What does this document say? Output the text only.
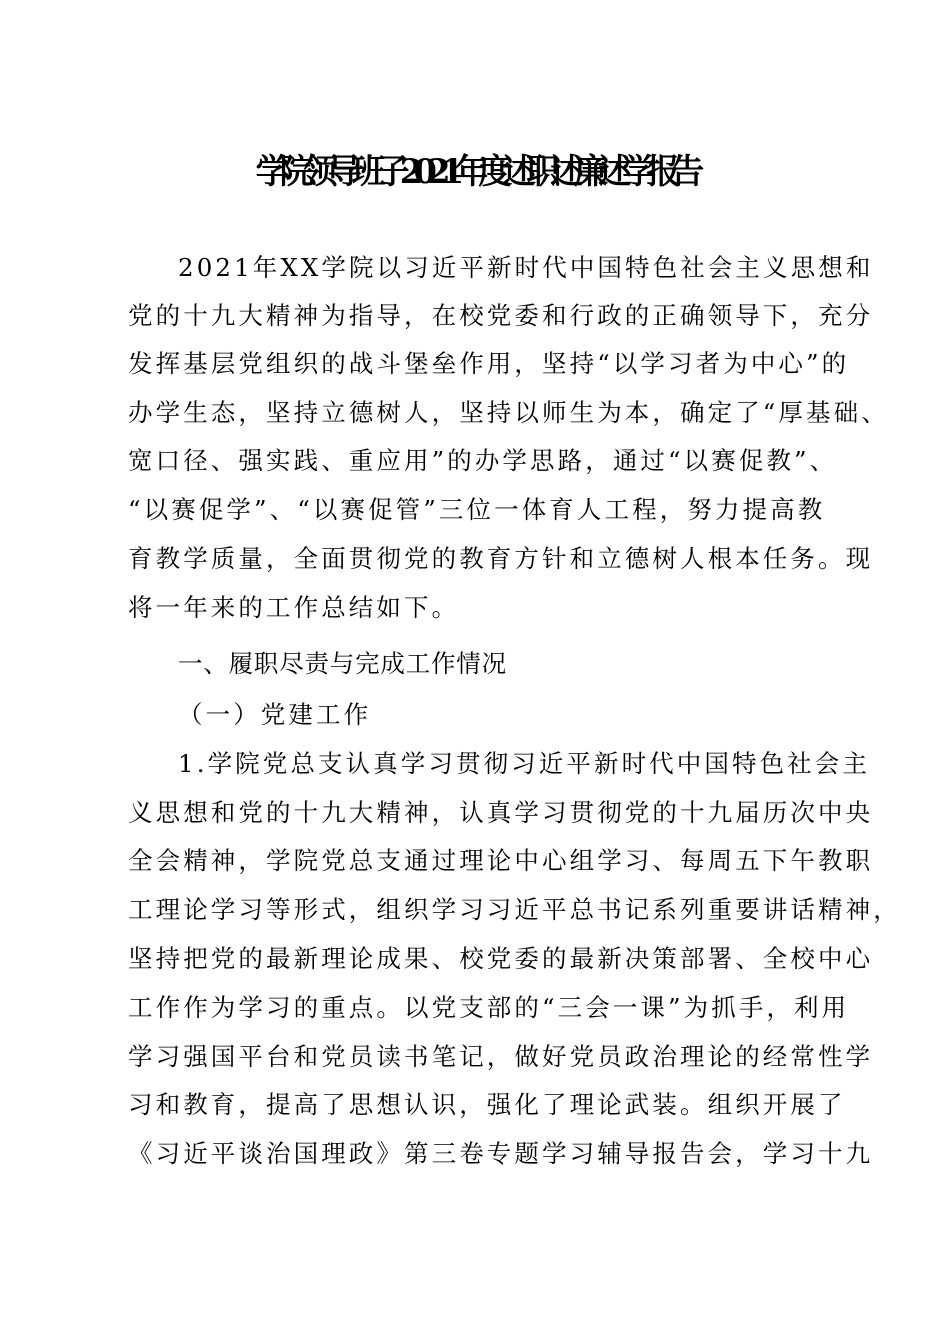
学院领导班子2021年度述职述廉述学报告
2021年XX学院以习近平新时代中国特色社会主义思想和
党的十九大精神为指导，在校党委和行政的正确领导下，充分
发挥基层党组织的战斗堡垒作用，坚持“以学习者为中心”的
办学生态，坚持立德树人，坚持以师生为本，确定了“厚基础、
宽口径、强实践、重应用”的办学思路，通过“以赛促教”、
“以赛促学”、“以赛促管”三位一体育人工程，努力提高教
育教学质量，全面贯彻党的教育方针和立德树人根本任务。现
将一年来的工作总结如下。
一、履职尽责与完成工作情况
（一）党建工作
1.学院党总支认真学习贯彻习近平新时代中国特色社会主
义思想和党的十九大精神，认真学习贯彻党的十九届历次中央
全会精神，学院党总支通过理论中心组学习、每周五下午教职
工理论学习等形式，组织学习习近平总书记系列重要讲话精神，
坚持把党的最新理论成果、校党委的最新决策部署、全校中心
工作作为学习的重点。以党支部的“三会一课”为抓手，利用
学习强国平台和党员读书笔记，做好党员政治理论的经常性学
习和教育，提高了思想认识，强化了理论武装。组织开展了
《习近平谈治国理政》第三卷专题学习辅导报告会，学习十九
